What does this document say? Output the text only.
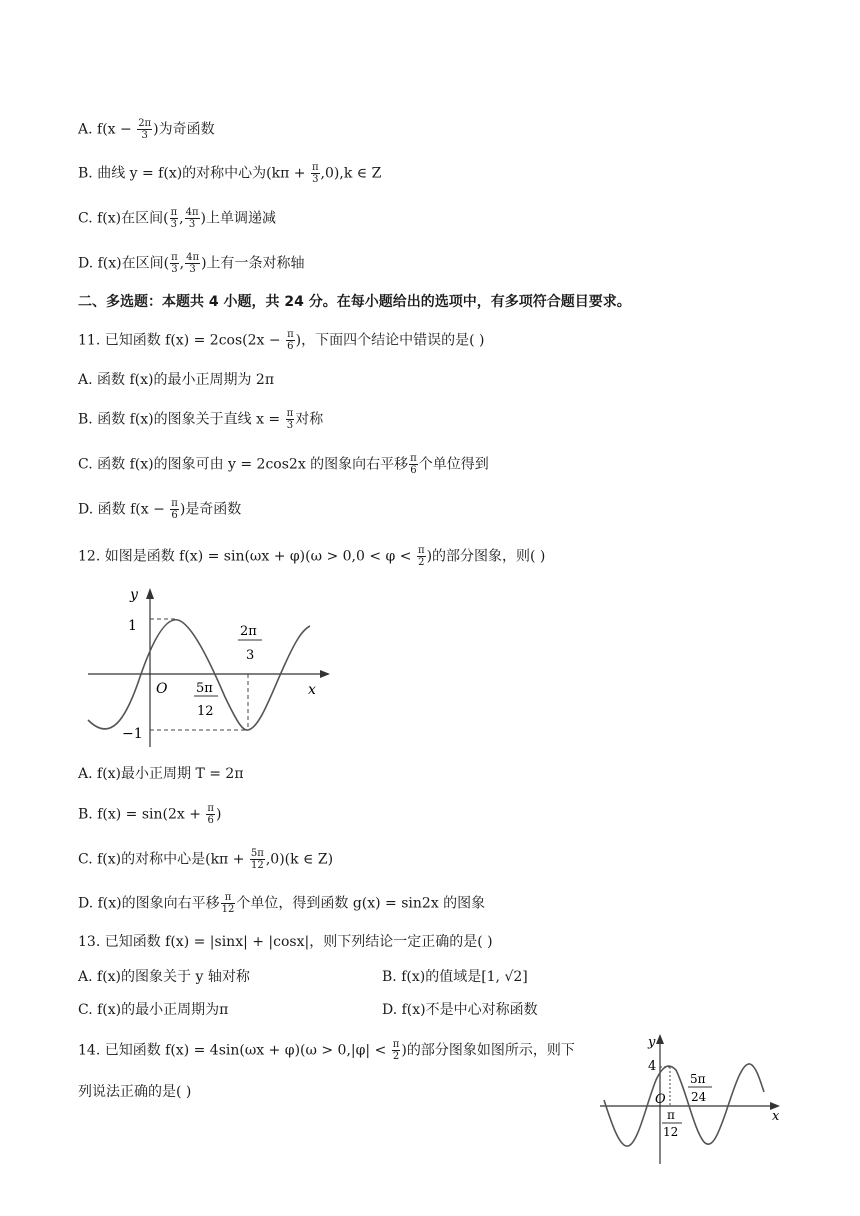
A. $f(x - \frac{2\pi}{3}$ )为奇函数
B. 曲线 y = f(x)的对称中心为$(k\pi + \frac{\pi}{3} ,0),k$ ∈ Z
C. f(x)在区间( $\frac{\pi}{3}$ , $\frac{4\pi}{3}$ )上单调递减
D. f(x)在区间( $\frac{\pi}{3}$ , $\frac{4\pi}{3}$ )上有一条对称轴
二、多选题：本题共 4 小题，共 24 分。在每小题给出的选项中，有多项符合题目要求。
11. 已知函数 $f(x) = 2\cos(2x - \frac{\pi}{6}$ )，下面四个结论中错误的是( )
A. 函数 f(x)的最小正周期为 2π
B. 函数 f(x)的图象关于直线 $x = \frac{\pi}{3}$ 对称
C. 函数 f(x)的图象可由 y = 2cos2x 的图象向右平移 $\frac{\pi}{6}$ 个单位得到
D. 函数 $f(x - \frac{\pi}{6}$ )是奇函数
12. 如图是函数 $f(x) = \sin(\omega x + \varphi)(\omega > 0,0 < \varphi < \frac{\pi}{2}$ )的部分图象，则( )
y
x
O
1
−1
5π
12
2π
3
A. f(x)最小正周期 T = 2π
B. $f(x) = \sin(2x + \frac{\pi}{6}$ )
C. f(x)的对称中心是$(k\pi + \frac{5\pi}{12} ,0)(k$ ∈ Z)
D. f(x)的图象向右平移 $\frac{\pi}{12}$ 个单位，得到函数 g(x) = sin2x 的图象
13. 已知函数 f(x) = |sinx| + |cosx|，则下列结论一定正确的是( )
A. f(x)的图象关于 y 轴对称	B. f(x)的值域是[1, √2]
C. f(x)的最小正周期为π	D. f(x)不是中心对称函数
14. 已知函数 $f(x) = 4\sin(\omega x + \varphi)(\omega > 0,|\varphi| < \frac{\pi}{2}$ )的部分图象如图所示，则下
列说法正确的是( )
y
x
4
O
5π
24
π
12
